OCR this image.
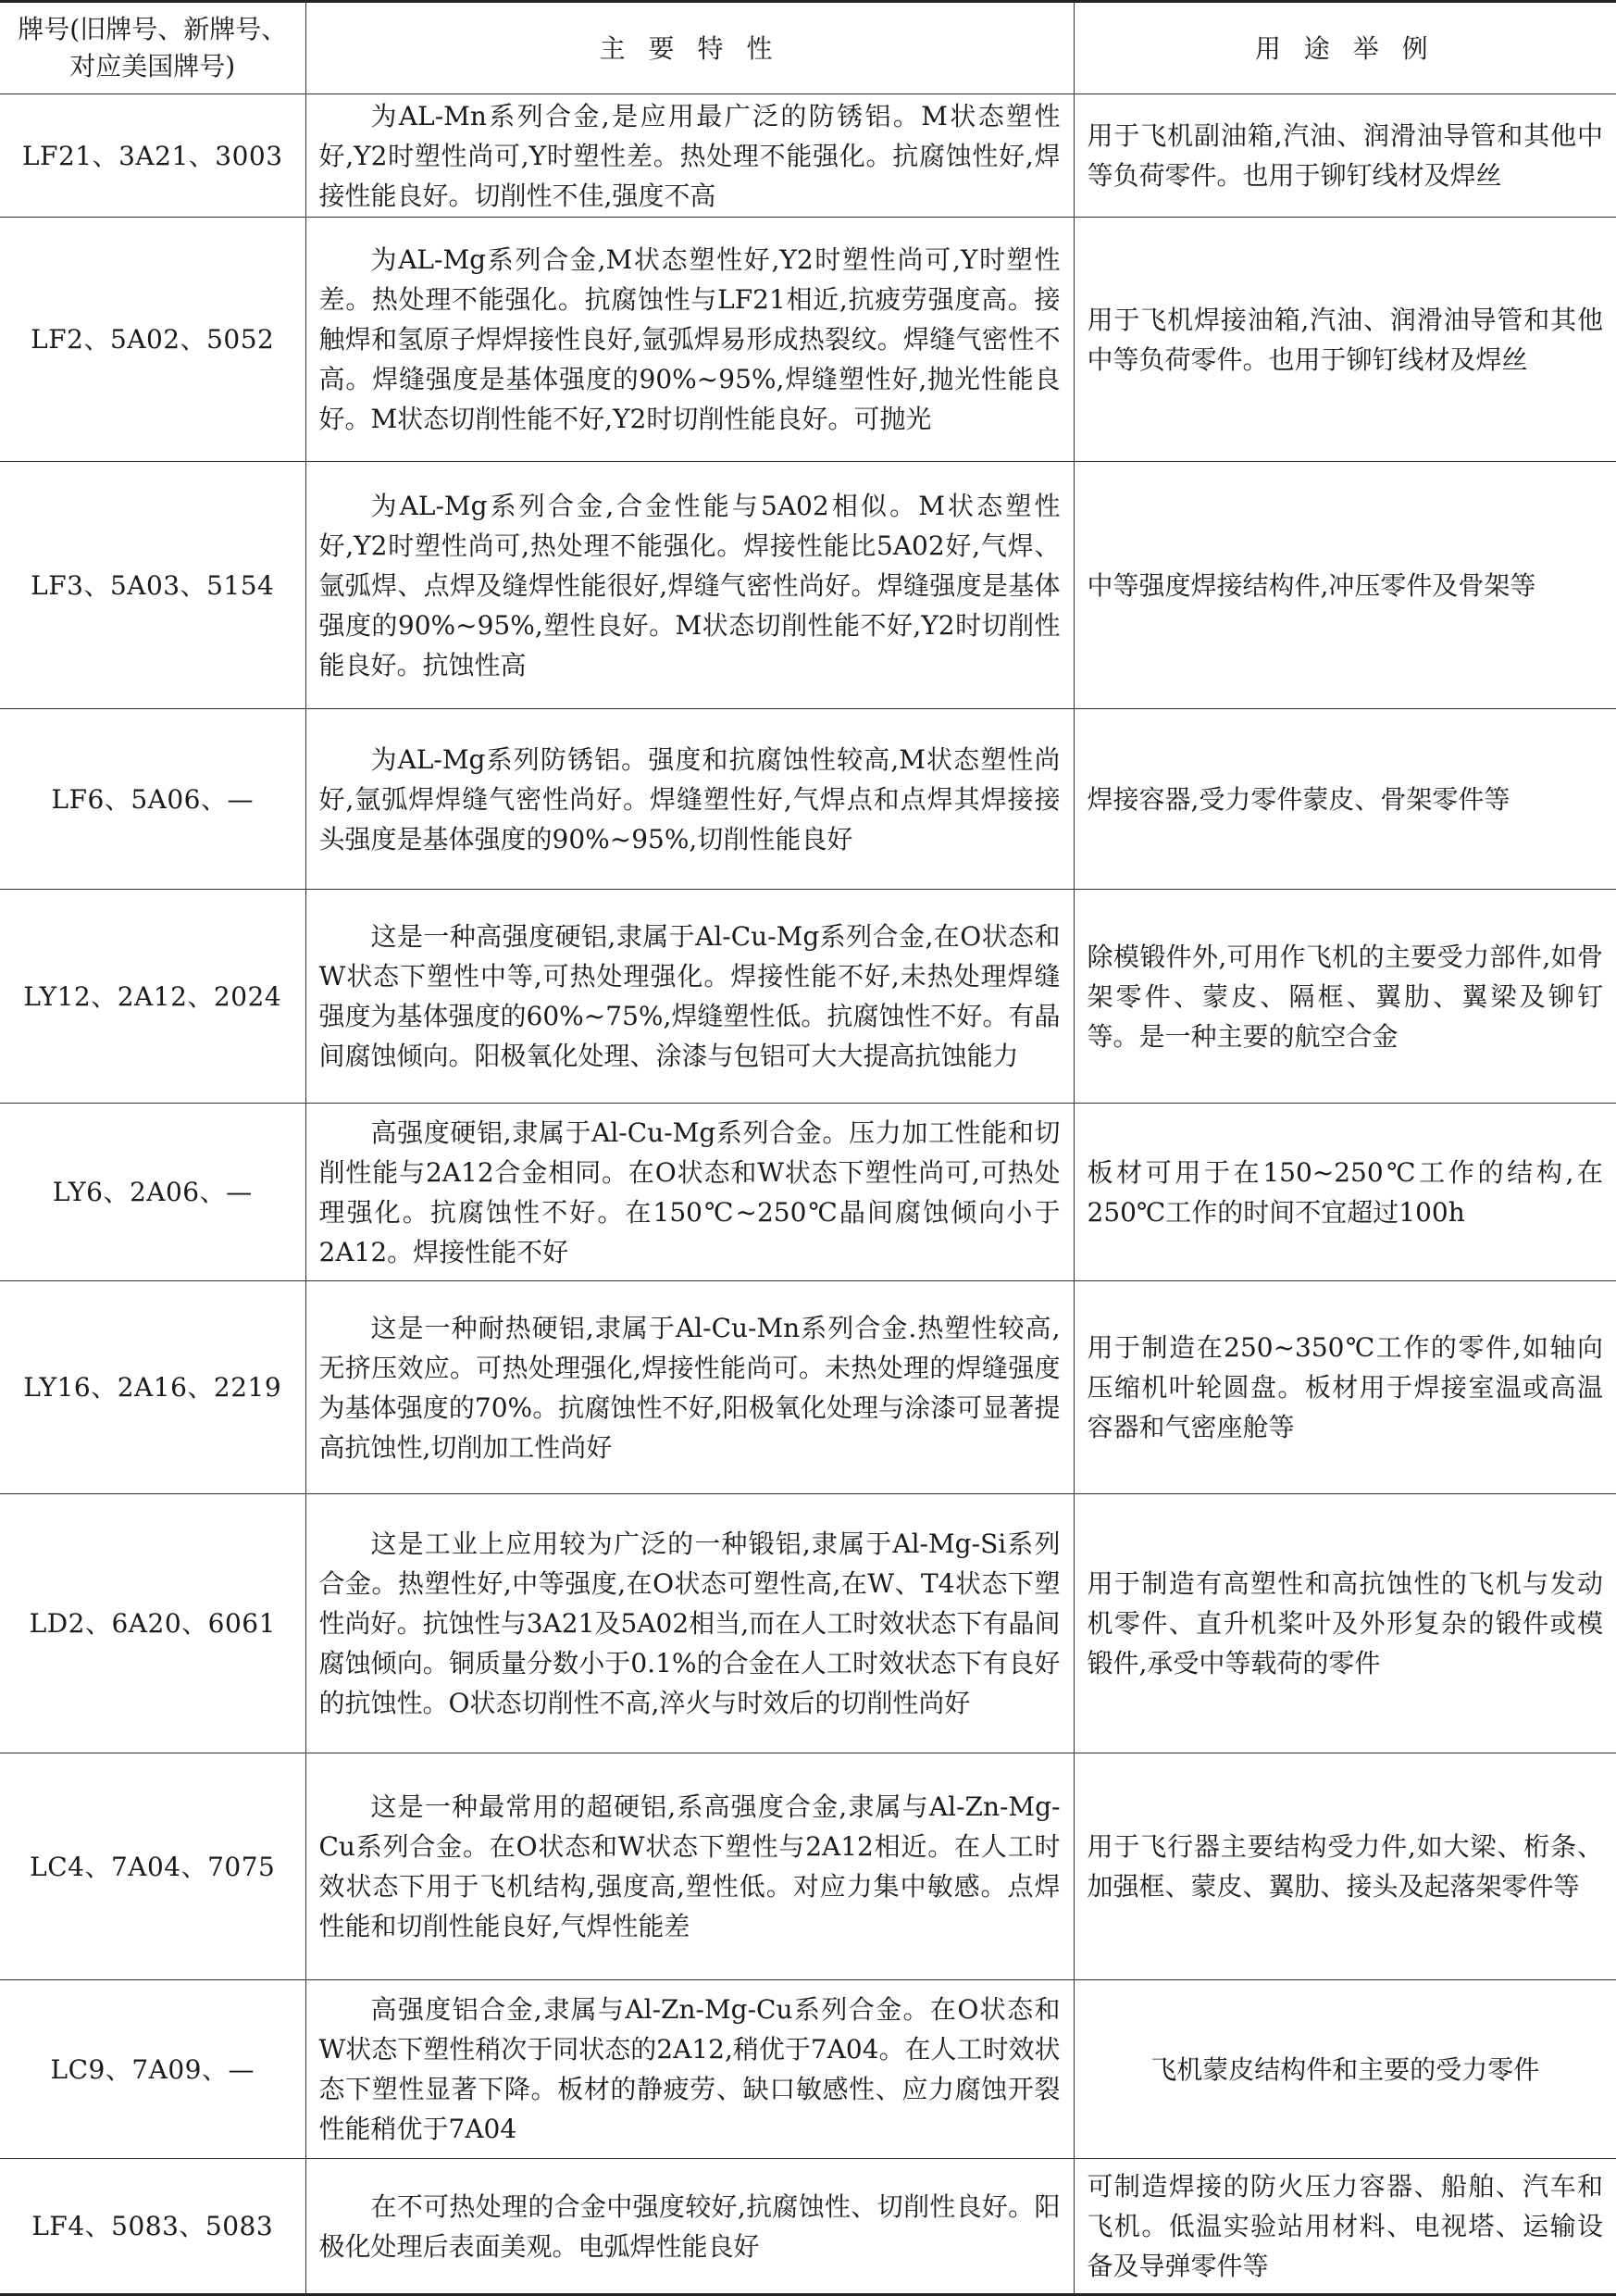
牌号(旧牌号、新牌号、对应美国牌号)	主 要 特 性	用 途 举 例
LF21、3A21、3003	为AL-Mn系列合金,是应用最广泛的防锈铝。M状态塑性好,Y2时塑性尚可,Y时塑性差。热处理不能强化。抗腐蚀性好,焊接性能良好。切削性不佳,强度不高	用于飞机副油箱,汽油、润滑油导管和其他中等负荷零件。也用于铆钉线材及焊丝
LF2、5A02、5052	为AL-Mg系列合金,M状态塑性好,Y2时塑性尚可,Y时塑性差。热处理不能强化。抗腐蚀性与LF21相近,抗疲劳强度高。接触焊和氢原子焊焊接性良好,氩弧焊易形成热裂纹。焊缝气密性不高。焊缝强度是基体强度的90%~95%,焊缝塑性好,抛光性能良好。M状态切削性能不好,Y2时切削性能良好。可抛光	用于飞机焊接油箱,汽油、润滑油导管和其他中等负荷零件。也用于铆钉线材及焊丝
LF3、5A03、5154	为AL-Mg系列合金,合金性能与5A02相似。M状态塑性好,Y2时塑性尚可,热处理不能强化。焊接性能比5A02好,气焊、氩弧焊、点焊及缝焊性能很好,焊缝气密性尚好。焊缝强度是基体强度的90%~95%,塑性良好。M状态切削性能不好,Y2时切削性能良好。抗蚀性高	中等强度焊接结构件,冲压零件及骨架等
LF6、5A06、—	为AL-Mg系列防锈铝。强度和抗腐蚀性较高,M状态塑性尚好,氩弧焊焊缝气密性尚好。焊缝塑性好,气焊点和点焊其焊接接头强度是基体强度的90%~95%,切削性能良好	焊接容器,受力零件蒙皮、骨架零件等
LY12、2A12、2024	这是一种高强度硬铝,隶属于Al-Cu-Mg系列合金,在O状态和W状态下塑性中等,可热处理强化。焊接性能不好,未热处理焊缝强度为基体强度的60%~75%,焊缝塑性低。抗腐蚀性不好。有晶间腐蚀倾向。阳极氧化处理、涂漆与包铝可大大提高抗蚀能力	除模锻件外,可用作飞机的主要受力部件,如骨架零件、蒙皮、隔框、翼肋、翼梁及铆钉等。是一种主要的航空合金
LY6、2A06、—	高强度硬铝,隶属于Al-Cu-Mg系列合金。压力加工性能和切削性能与2A12合金相同。在O状态和W状态下塑性尚可,可热处理强化。抗腐蚀性不好。在150℃~250℃晶间腐蚀倾向小于2A12。焊接性能不好	板材可用于在150~250℃工作的结构,在250℃工作的时间不宜超过100h
LY16、2A16、2219	这是一种耐热硬铝,隶属于Al-Cu-Mn系列合金.热塑性较高,无挤压效应。可热处理强化,焊接性能尚可。未热处理的焊缝强度为基体强度的70%。抗腐蚀性不好,阳极氧化处理与涂漆可显著提高抗蚀性,切削加工性尚好	用于制造在250~350℃工作的零件,如轴向压缩机叶轮圆盘。板材用于焊接室温或高温容器和气密座舱等
LD2、6A20、6061	这是工业上应用较为广泛的一种锻铝,隶属于Al-Mg-Si系列合金。热塑性好,中等强度,在O状态可塑性高,在W、T4状态下塑性尚好。抗蚀性与3A21及5A02相当,而在人工时效状态下有晶间腐蚀倾向。铜质量分数小于0.1%的合金在人工时效状态下有良好的抗蚀性。O状态切削性不高,淬火与时效后的切削性尚好	用于制造有高塑性和高抗蚀性的飞机与发动机零件、直升机桨叶及外形复杂的锻件或模锻件,承受中等载荷的零件
LC4、7A04、7075	这是一种最常用的超硬铝,系高强度合金,隶属与Al-Zn-Mg-Cu系列合金。在O状态和W状态下塑性与2A12相近。在人工时效状态下用于飞机结构,强度高,塑性低。对应力集中敏感。点焊性能和切削性能良好,气焊性能差	用于飞行器主要结构受力件,如大梁、桁条、加强框、蒙皮、翼肋、接头及起落架零件等
LC9、7A09、—	高强度铝合金,隶属与Al-Zn-Mg-Cu系列合金。在O状态和W状态下塑性稍次于同状态的2A12,稍优于7A04。在人工时效状态下塑性显著下降。板材的静疲劳、缺口敏感性、应力腐蚀开裂性能稍优于7A04	飞机蒙皮结构件和主要的受力零件
LF4、5083、5083	在不可热处理的合金中强度较好,抗腐蚀性、切削性良好。阳极化处理后表面美观。电弧焊性能良好	可制造焊接的防火压力容器、船舶、汽车和飞机。低温实验站用材料、电视塔、运输设备及导弹零件等
